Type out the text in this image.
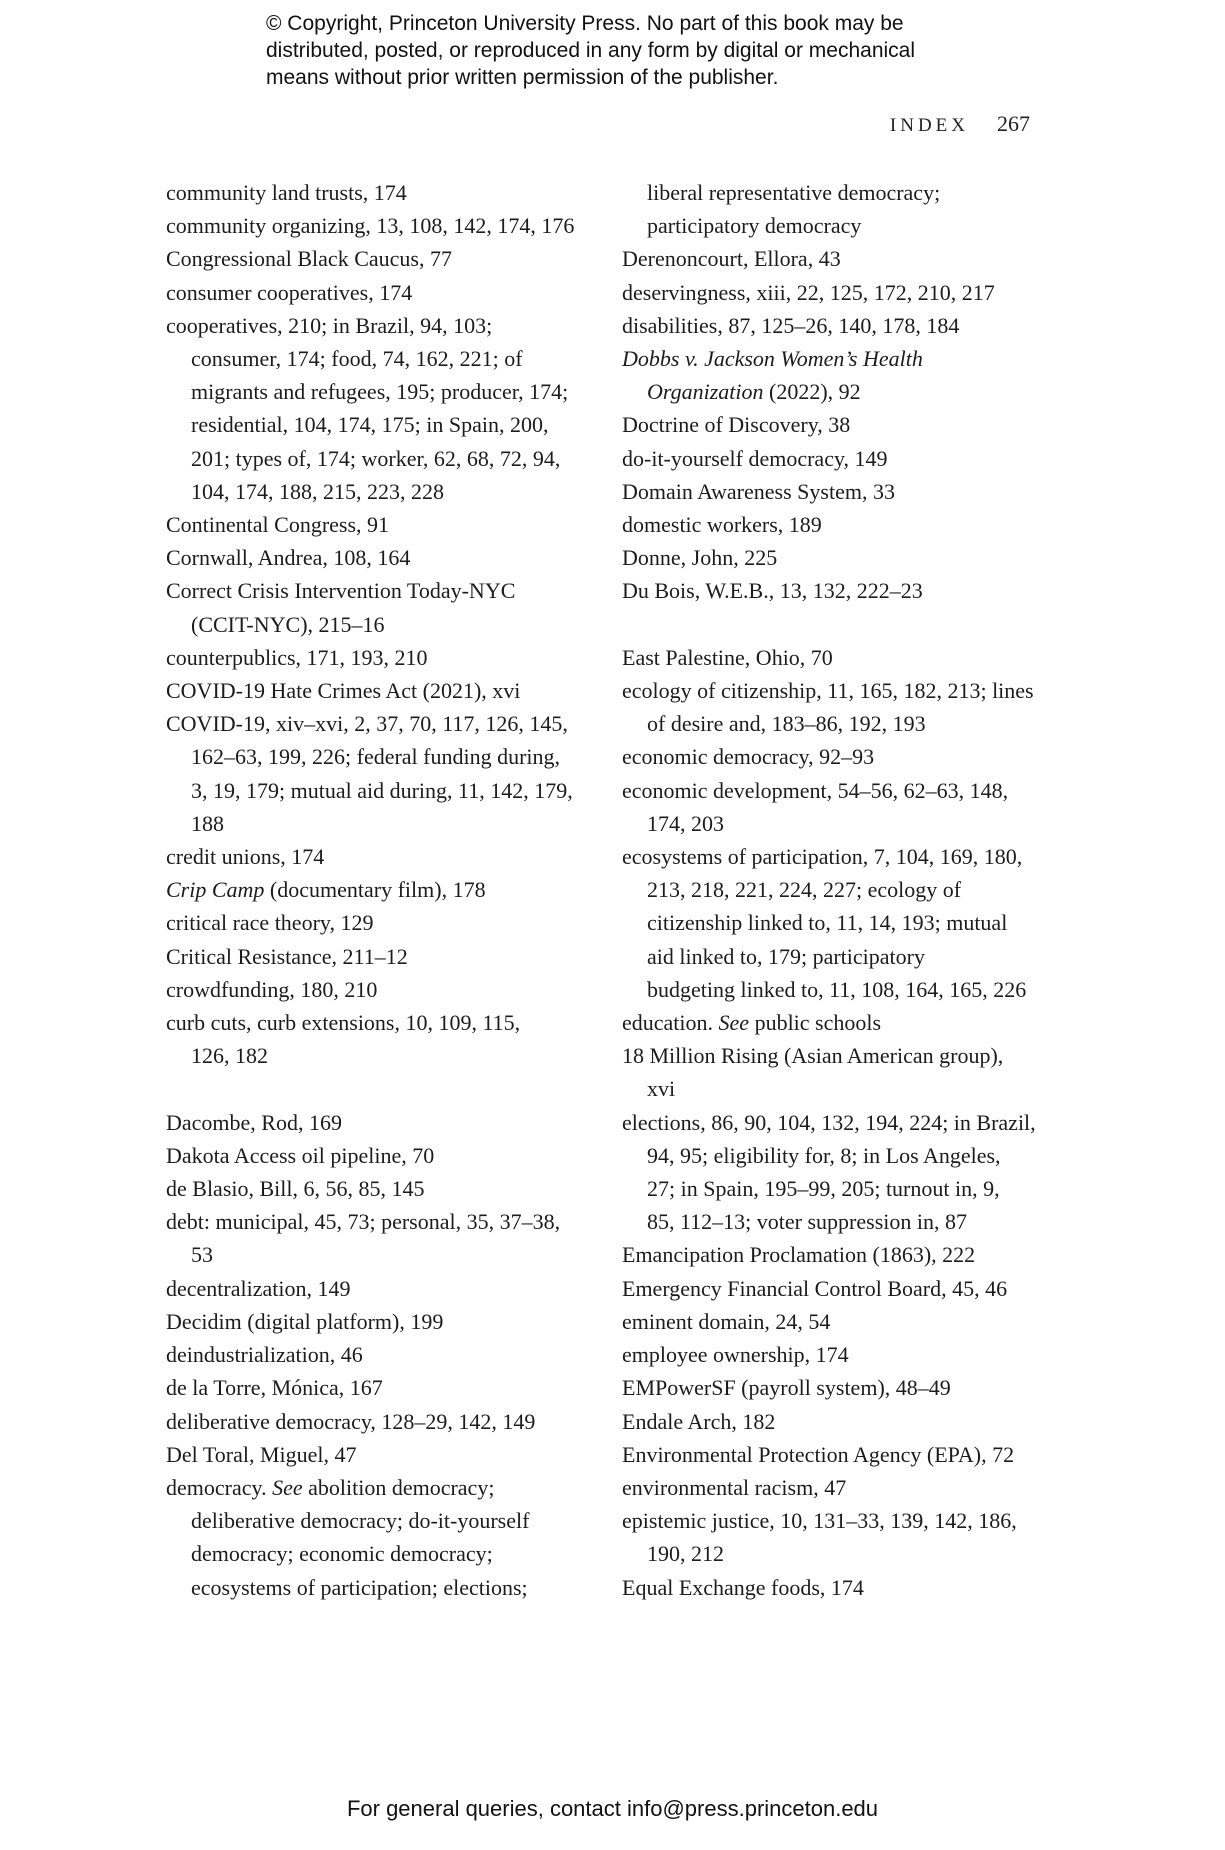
© Copyright, Princeton University Press. No part of this book may be
distributed, posted, or reproduced in any form by digital or mechanical
means without prior written permission of the publisher.
INDEX 267
community land trusts, 174
community organizing, 13, 108, 142, 174, 176
Congressional Black Caucus, 77
consumer cooperatives, 174
cooperatives, 210; in Brazil, 94, 103;
consumer, 174; food, 74, 162, 221; of
migrants and refugees, 195; producer, 174;
residential, 104, 174, 175; in Spain, 200,
201; types of, 174; worker, 62, 68, 72, 94,
104, 174, 188, 215, 223, 228
Continental Congress, 91
Cornwall, Andrea, 108, 164
Correct Crisis Intervention Today-NYC
(CCIT-NYC), 215–16
counterpublics, 171, 193, 210
COVID-19 Hate Crimes Act (2021), xvi
COVID-19, xiv–xvi, 2, 37, 70, 117, 126, 145,
162–63, 199, 226; federal funding during,
3, 19, 179; mutual aid during, 11, 142, 179,
188
credit unions, 174
Crip Camp (documentary film), 178
critical race theory, 129
Critical Resistance, 211–12
crowdfunding, 180, 210
curb cuts, curb extensions, 10, 109, 115,
126, 182
Dacombe, Rod, 169
Dakota Access oil pipeline, 70
de Blasio, Bill, 6, 56, 85, 145
debt: municipal, 45, 73; personal, 35, 37–38,
53
decentralization, 149
Decidim (digital platform), 199
deindustrialization, 46
de la Torre, Mónica, 167
deliberative democracy, 128–29, 142, 149
Del Toral, Miguel, 47
democracy. See abolition democracy;
deliberative democracy; do-it-yourself
democracy; economic democracy;
ecosystems of participation; elections;
liberal representative democracy;
participatory democracy
Derenoncourt, Ellora, 43
deservingness, xiii, 22, 125, 172, 210, 217
disabilities, 87, 125–26, 140, 178, 184
Dobbs v. Jackson Women’s Health
Organization (2022), 92
Doctrine of Discovery, 38
do-it-yourself democracy, 149
Domain Awareness System, 33
domestic workers, 189
Donne, John, 225
Du Bois, W.E.B., 13, 132, 222–23
East Palestine, Ohio, 70
ecology of citizenship, 11, 165, 182, 213; lines
of desire and, 183–86, 192, 193
economic democracy, 92–93
economic development, 54–56, 62–63, 148,
174, 203
ecosystems of participation, 7, 104, 169, 180,
213, 218, 221, 224, 227; ecology of
citizenship linked to, 11, 14, 193; mutual
aid linked to, 179; participatory
budgeting linked to, 11, 108, 164, 165, 226
education. See public schools
18 Million Rising (Asian American group),
xvi
elections, 86, 90, 104, 132, 194, 224; in Brazil,
94, 95; eligibility for, 8; in Los Angeles,
27; in Spain, 195–99, 205; turnout in, 9,
85, 112–13; voter suppression in, 87
Emancipation Proclamation (1863), 222
Emergency Financial Control Board, 45, 46
eminent domain, 24, 54
employee ownership, 174
EMPowerSF (payroll system), 48–49
Endale Arch, 182
Environmental Protection Agency (EPA), 72
environmental racism, 47
epistemic justice, 10, 131–33, 139, 142, 186,
190, 212
Equal Exchange foods, 174
For general queries, contact info@press.princeton.edu
